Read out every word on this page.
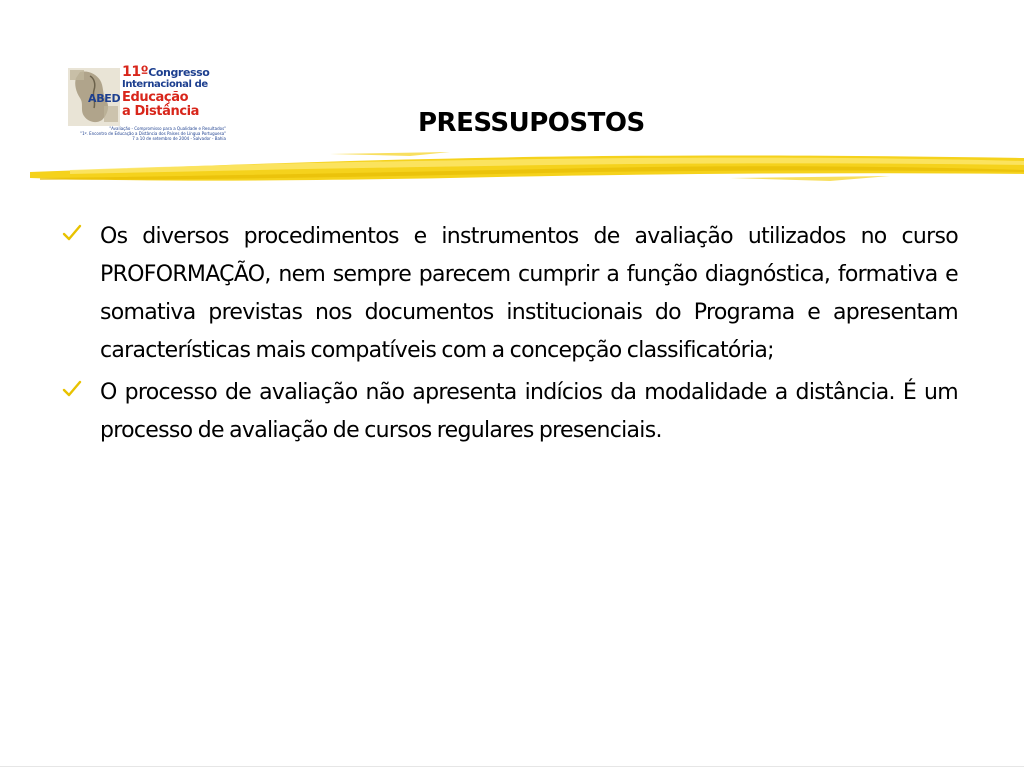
ABED
11ºCongresso
Internacional de
Educação
a Distância
"Avaliação - Compromisso para a Qualidade e Resultados"
"1º. Encontro de Educação a Distância dos Países de Língua Portuguesa"
7 a 10 de setembro de 2004 - Salvador - Bahia
PRESSUPOSTOS
Os diversos procedimentos e instrumentos de avaliação utilizados no curso PROFORMAÇÃO, nem sempre parecem cumprir a função diagnóstica, formativa e somativa previstas nos documentos institucionais do Programa e apresentam características mais compatíveis com a concepção classificatória;
O processo de avaliação não apresenta indícios da modalidade a distância. É um processo de avaliação de cursos regulares presenciais.
